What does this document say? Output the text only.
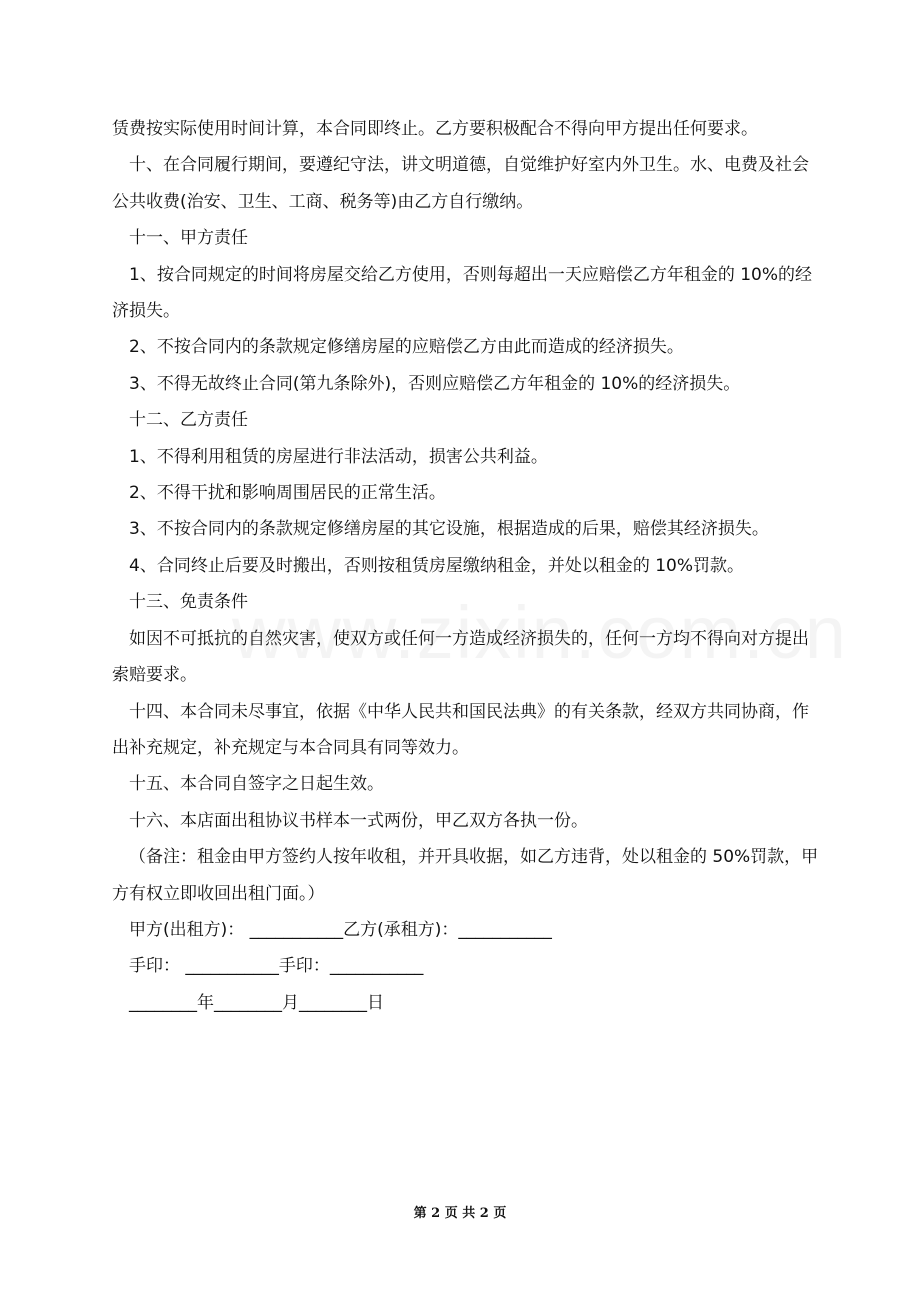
赁费按实际使用时间计算，本合同即终止。乙方要积极配合不得向甲方提出任何要求。

十、在合同履行期间，要遵纪守法，讲文明道德，自觉维护好室内外卫生。水、电费及社会公共收费(治安、卫生、工商、税务等)由乙方自行缴纳。

十一、甲方责任

1、按合同规定的时间将房屋交给乙方使用，否则每超出一天应赔偿乙方年租金的 10%的经济损失。

2、不按合同内的条款规定修缮房屋的应赔偿乙方由此而造成的经济损失。

3、不得无故终止合同(第九条除外)，否则应赔偿乙方年租金的 10%的经济损失。

十二、乙方责任

1、不得利用租赁的房屋进行非法活动，损害公共利益。

2、不得干扰和影响周围居民的正常生活。

3、不按合同内的条款规定修缮房屋的其它设施，根据造成的后果，赔偿其经济损失。

4、合同终止后要及时搬出，否则按租赁房屋缴纳租金，并处以租金的 10%罚款。

十三、免责条件

如因不可抵抗的自然灾害，使双方或任何一方造成经济损失的，任何一方均不得向对方提出索赔要求。

十四、本合同未尽事宜，依据《中华人民共和国民法典》的有关条款，经双方共同协商，作出补充规定，补充规定与本合同具有同等效力。

十五、本合同自签字之日起生效。

十六、本店面出租协议书样本一式两份，甲乙双方各执一份。

（备注：租金由甲方签约人按年收租，并开具收据，如乙方违背，处以租金的 50%罚款，甲方有权立即收回出租门面。）

甲方(出租方)： ___________乙方(承租方)：___________

手印： ___________手印：___________

________年________月________日

第 2 页 共 2 页
